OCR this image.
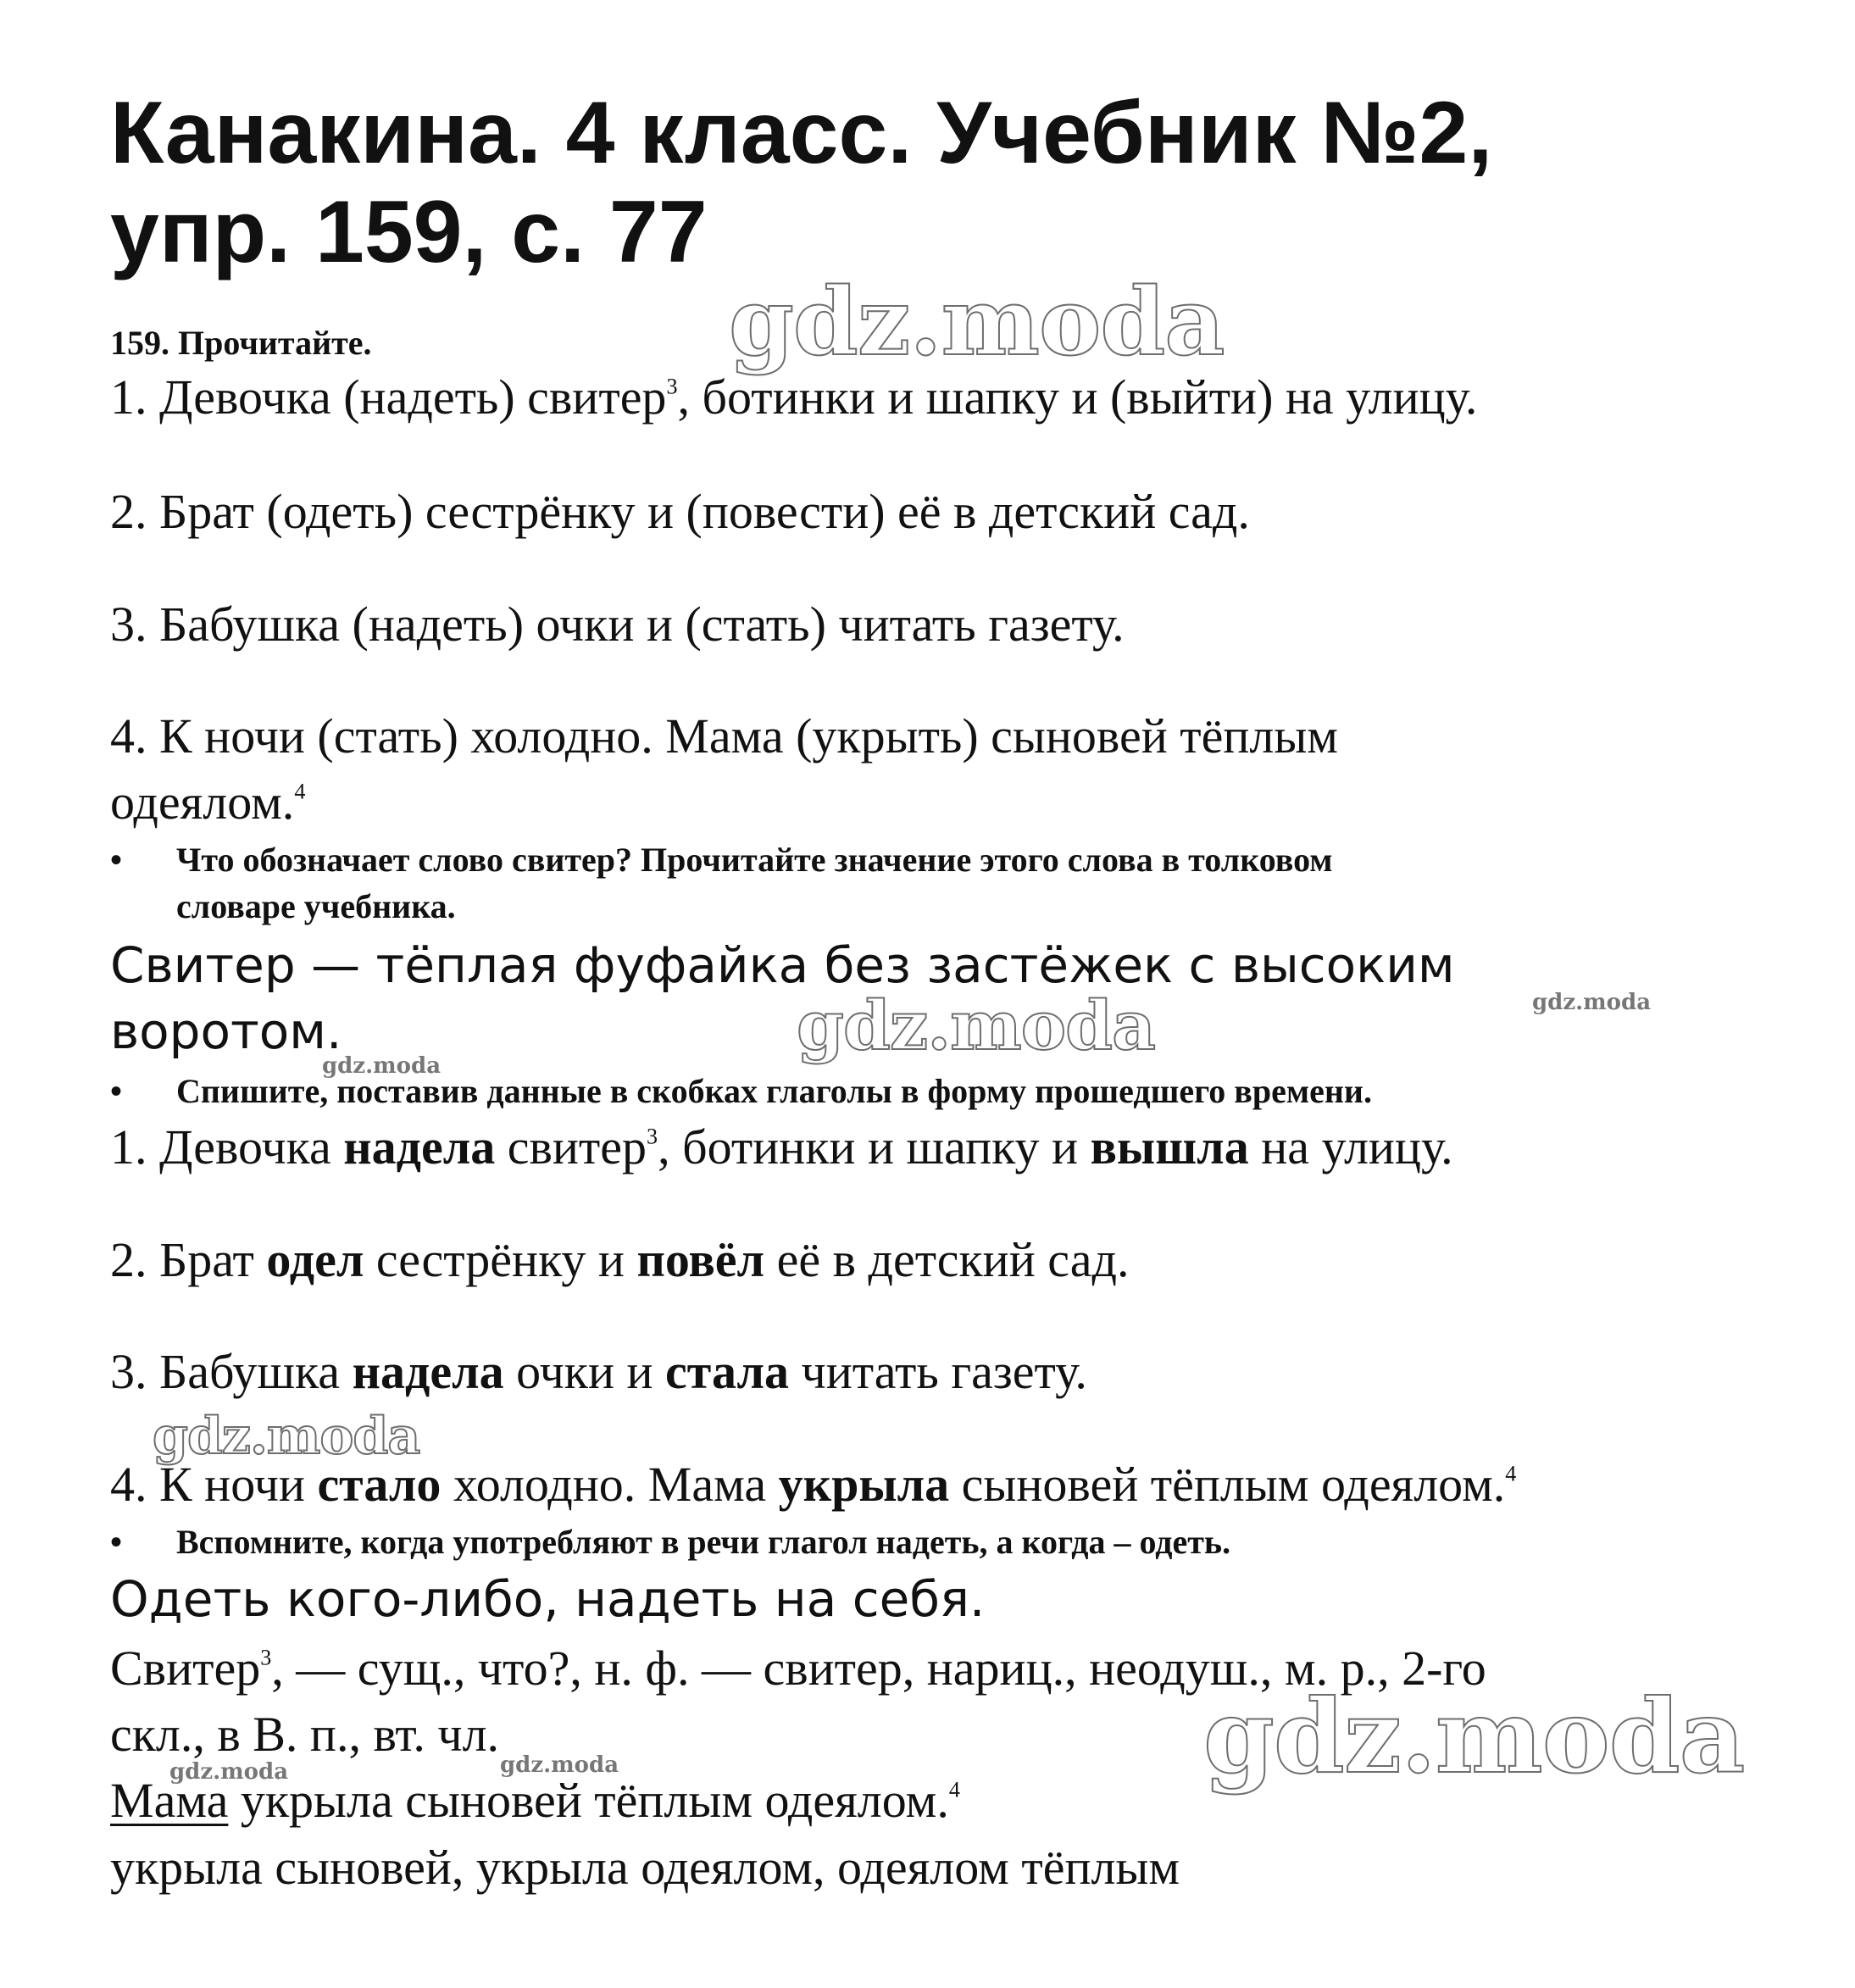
Канакина. 4 класс. Учебник №2,
упр. 159, с. 77
gdz.moda
gdz.moda
gdz.moda
gdz.moda
gdz.moda
gdz.moda
gdz.moda	gdz.moda
159. Прочитайте.
1. Девочка (надеть) свитер$^3$, ботинки и шапку и (выйти) на улицу.
2. Брат (одеть) сестрёнку и (повести) её в детский сад.
3. Бабушка (надеть) очки и (стать) читать газету.
4. К ночи (стать) холодно. Мама (укрыть) сыновей тёплым
одеялом.$^4$
• Что обозначает слово свитер? Прочитайте значение этого слова в толковом
словаре учебника.
Свитер — тёплая фуфайка без застёжек с высоким
воротом.
• Спишите, поставив данные в скобках глаголы в форму прошедшего времени.
1. Девочка надела свитер$^3$, ботинки и шапку и вышла на улицу.
2. Брат одел сестрёнку и повёл её в детский сад.
3. Бабушка надела очки и стала читать газету.
4. К ночи стало холодно. Мама укрыла сыновей тёплым одеялом.$^4$
• Вспомните, когда употребляют в речи глагол надеть, а когда – одеть.
Одеть кого-либо, надеть на себя.
Свитер$^3$, — сущ., что?, н. ф. — свитер, нариц., неодуш., м. р., 2-го
скл., в В. п., вт. чл.
Мама укрыла сыновей тёплым одеялом.$^4$
укрыла сыновей, укрыла одеялом, одеялом тёплым
